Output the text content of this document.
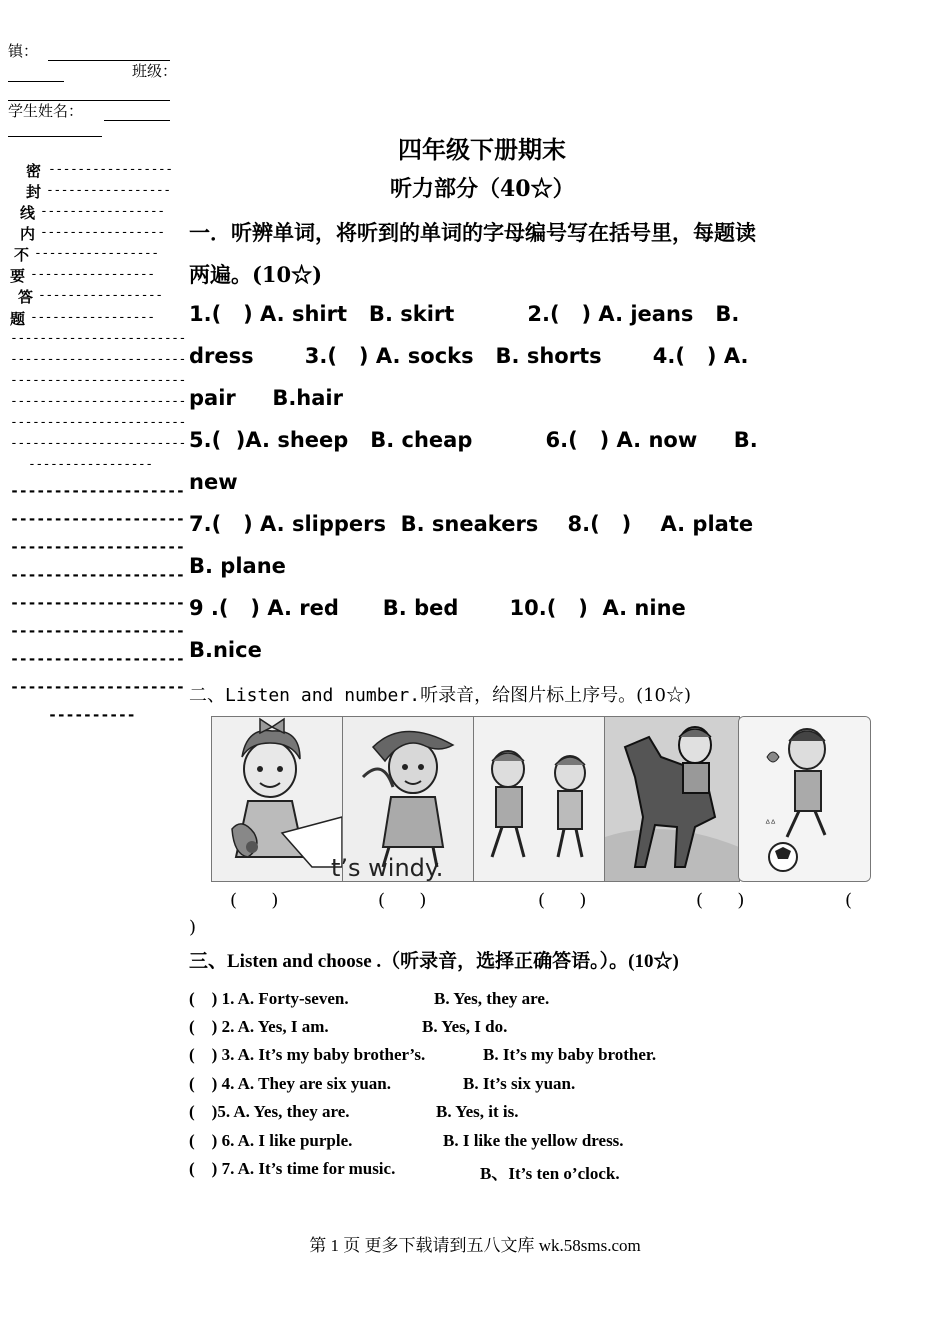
镇：
班级：
学生姓名：
密 -----------------
封 -----------------
线 -----------------
内 -----------------
不 -----------------
要 -----------------
答 -----------------
题 -----------------
------------------------
------------------------
------------------------
------------------------
------------------------
------------------------
-----------------
--------------------
--------------------
--------------------
--------------------
--------------------
--------------------
--------------------
--------------------
----------
四年级下册期末
听力部分（40☆）
一．听辨单词，将听到的单词的字母编号写在括号里，每题读
两遍。(10☆)
1.(   ) A. shirt   B. skirt          2.(   ) A. jeans   B.
dress       3.(   ) A. socks   B. shorts       4.(   ) A.
pair     B.hair
5.(  )A. sheep   B. cheap          6.(   ) A. now     B.
new
7.(   ) A. slippers  B. sneakers    8.(   )    A. plate
B. plane
9 .(   ) A. red      B. bed       10.(   )  A. nine
B.nice
二、Listen and number.听录音，给图片标上序号。(10☆)
ᐞᐞ
t’s windy.
(      )	(      )	(      )	(      )	(
)
三、Listen and choose .（听录音，选择正确答语。）。(10☆)
(    ) 1. A. Forty-seven.	B. Yes, they are.
(    ) 2. A. Yes, I am.	B. Yes, I do.
(    ) 3. A. It’s my baby brother’s.	B. It’s my baby brother.
(    ) 4. A. They are six yuan.	B. It’s six yuan.
(    )5. A. Yes, they are.	B. Yes, it is.
(    ) 6. A. I like purple.	B. I like the yellow dress.
(    ) 7. A. It’s time for music.	B、It’s ten o’clock.
第 1 页 更多下载请到五八文库 wk.58sms.com
